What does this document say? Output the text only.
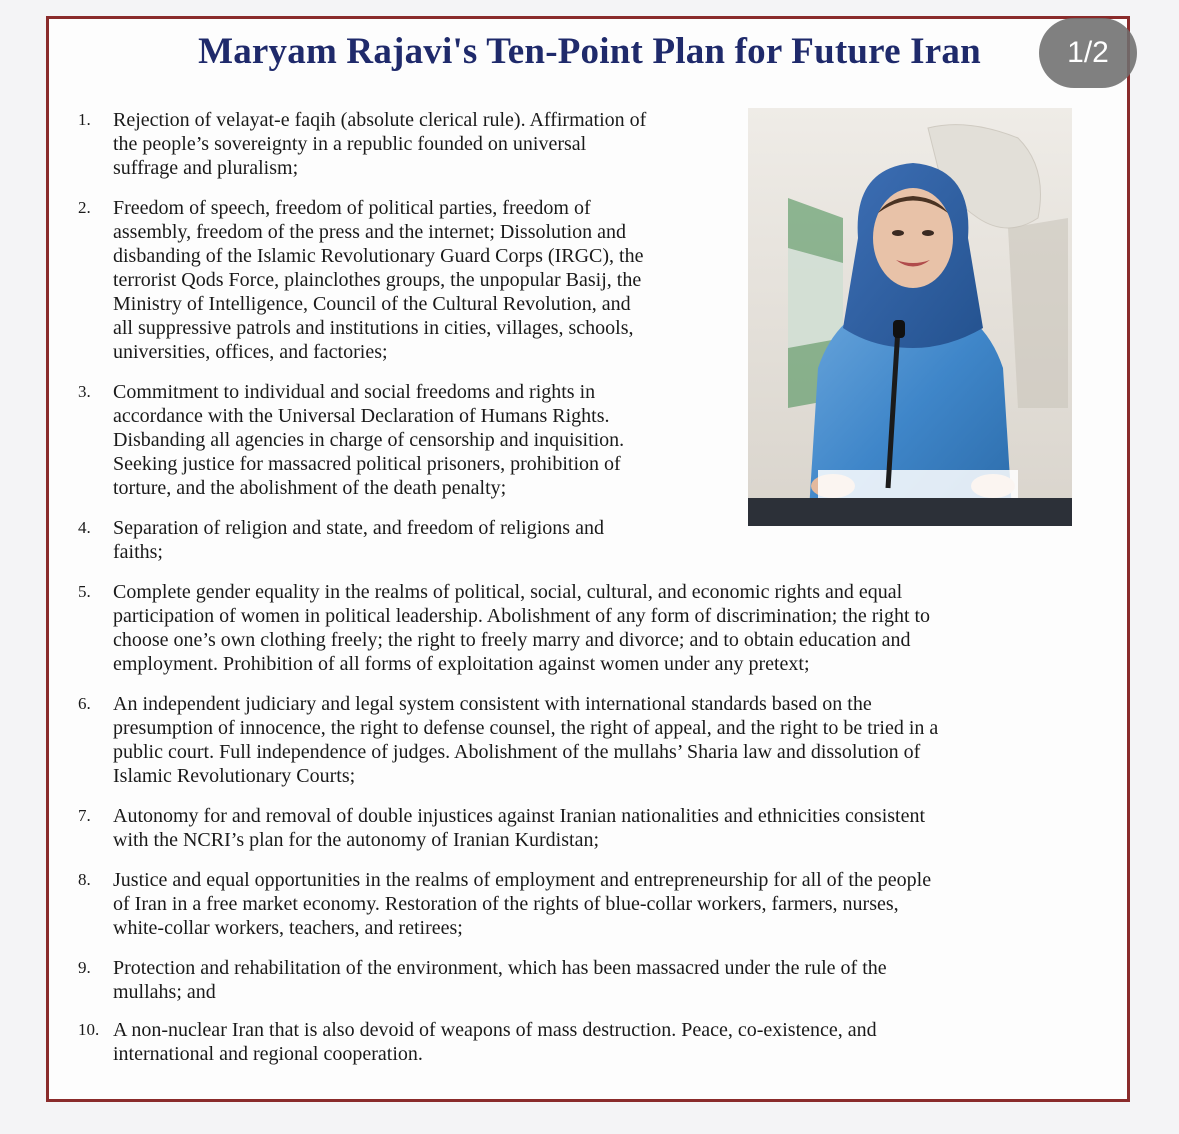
Maryam Rajavi's Ten-Point Plan for Future Iran	1/2
1.	Rejection of velayat-e faqih (absolute clerical rule). Affirmation of
the people’s sovereignty in a republic founded on universal
suffrage and pluralism;
2.	Freedom of speech, freedom of political parties, freedom of
assembly, freedom of the press and the internet; Dissolution and
disbanding of the Islamic Revolutionary Guard Corps (IRGC), the
terrorist Qods Force, plainclothes groups, the unpopular Basij, the
Ministry of Intelligence, Council of the Cultural Revolution, and
all suppressive patrols and institutions in cities, villages, schools,
universities, offices, and factories;
3.	Commitment to individual and social freedoms and rights in
accordance with the Universal Declaration of Humans Rights.
Disbanding all agencies in charge of censorship and inquisition.
Seeking justice for massacred political prisoners, prohibition of
torture, and the abolishment of the death penalty;
4.	Separation of religion and state, and freedom of religions and
faiths;
5.	Complete gender equality in the realms of political, social, cultural, and economic rights and equal
participation of women in political leadership. Abolishment of any form of discrimination; the right to
choose one’s own clothing freely; the right to freely marry and divorce; and to obtain education and
employment. Prohibition of all forms of exploitation against women under any pretext;
6.	An independent judiciary and legal system consistent with international standards based on the
presumption of innocence, the right to defense counsel, the right of appeal, and the right to be tried in a
public court. Full independence of judges. Abolishment of the mullahs’ Sharia law and dissolution of
Islamic Revolutionary Courts;
7.	Autonomy for and removal of double injustices against Iranian nationalities and ethnicities consistent
with the NCRI’s plan for the autonomy of Iranian Kurdistan;
8.	Justice and equal opportunities in the realms of employment and entrepreneurship for all of the people
of Iran in a free market economy. Restoration of the rights of blue-collar workers, farmers, nurses,
white-collar workers, teachers, and retirees;
9.	Protection and rehabilitation of the environment, which has been massacred under the rule of the
mullahs; and
10. A non-nuclear Iran that is also devoid of weapons of mass destruction. Peace, co-existence, and
international and regional cooperation.
